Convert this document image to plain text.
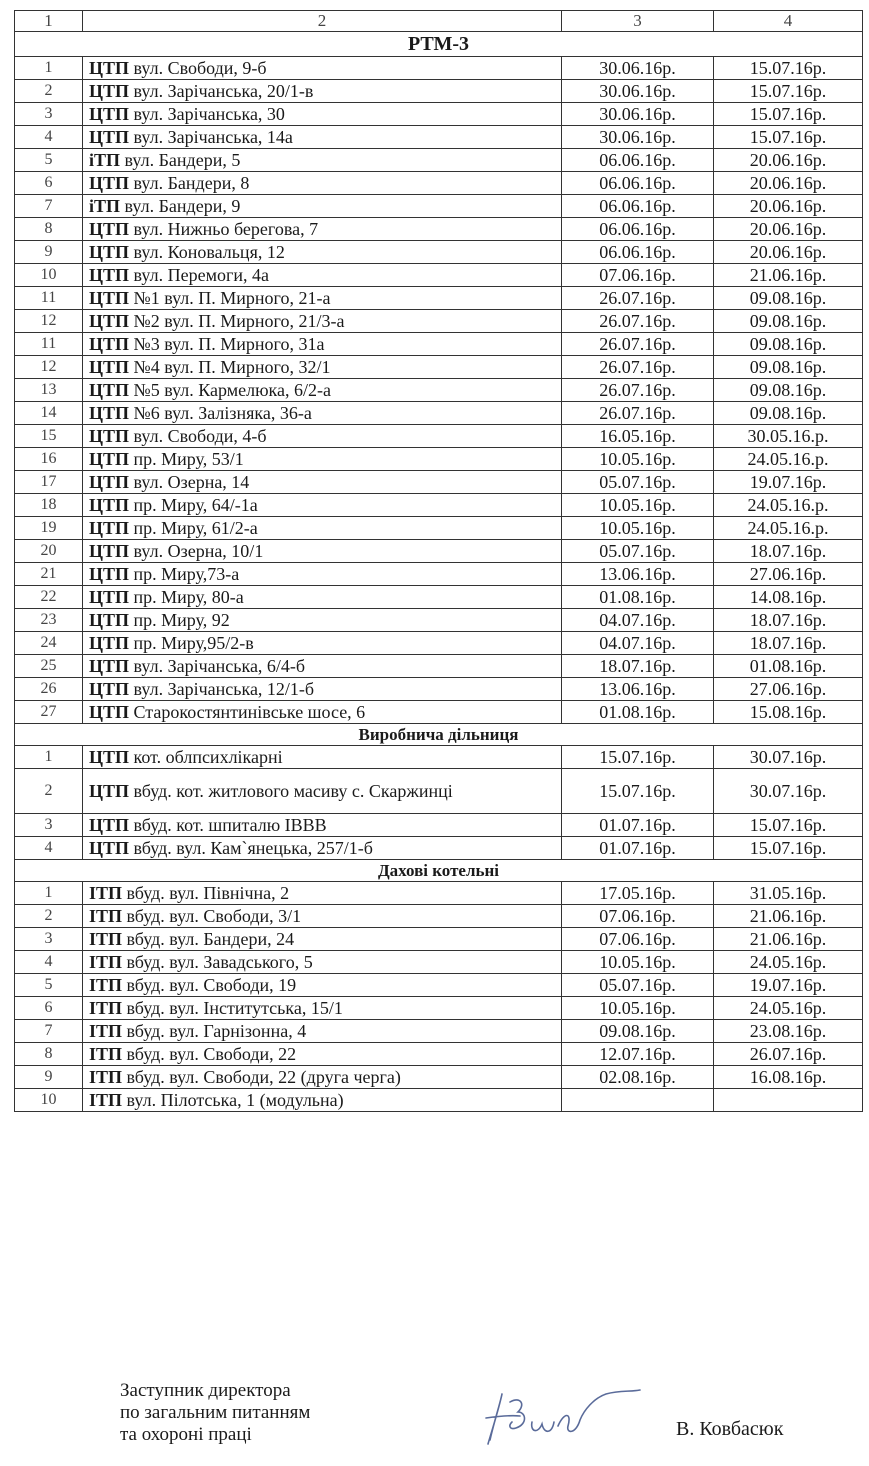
1	2	3	4
РТМ-3			
1	ЦТП вул. Свободи, 9-б	30.06.16р.	15.07.16р.
2	ЦТП вул. Зарічанська, 20/1-в	30.06.16р.	15.07.16р.
3	ЦТП вул. Зарічанська, 30	30.06.16р.	15.07.16р.
4	ЦТП вул. Зарічанська, 14а	30.06.16р.	15.07.16р.
5	іТП вул. Бандери, 5	06.06.16р.	20.06.16р.
6	ЦТП вул. Бандери, 8	06.06.16р.	20.06.16р.
7	іТП вул. Бандери, 9	06.06.16р.	20.06.16р.
8	ЦТП вул. Нижньо берегова, 7	06.06.16р.	20.06.16р.
9	ЦТП вул. Коновальця, 12	06.06.16р.	20.06.16р.
10	ЦТП вул. Перемоги, 4а	07.06.16р.	21.06.16р.
11	ЦТП №1 вул. П. Мирного, 21-а	26.07.16р.	09.08.16р.
12	ЦТП №2 вул. П. Мирного, 21/3-а	26.07.16р.	09.08.16р.
11	ЦТП №3 вул. П. Мирного, 31а	26.07.16р.	09.08.16р.
12	ЦТП №4 вул. П. Мирного, 32/1	26.07.16р.	09.08.16р.
13	ЦТП №5 вул. Кармелюка, 6/2-а	26.07.16р.	09.08.16р.
14	ЦТП №6 вул. Залізняка, 36-а	26.07.16р.	09.08.16р.
15	ЦТП вул. Свободи, 4-б	16.05.16р.	30.05.16.р.
16	ЦТП пр. Миру, 53/1	10.05.16р.	24.05.16.р.
17	ЦТП вул. Озерна, 14	05.07.16р.	19.07.16р.
18	ЦТП пр. Миру, 64/-1а	10.05.16р.	24.05.16.р.
19	ЦТП пр. Миру, 61/2-а	10.05.16р.	24.05.16.р.
20	ЦТП вул. Озерна, 10/1	05.07.16р.	18.07.16р.
21	ЦТП пр. Миру,73-а	13.06.16р.	27.06.16р.
22	ЦТП пр. Миру, 80-а	01.08.16р.	14.08.16р.
23	ЦТП пр. Миру, 92	04.07.16р.	18.07.16р.
24	ЦТП пр. Миру,95/2-в	04.07.16р.	18.07.16р.
25	ЦТП вул. Зарічанська, 6/4-б	18.07.16р.	01.08.16р.
26	ЦТП вул. Зарічанська, 12/1-б	13.06.16р.	27.06.16р.
27	ЦТП Старокостянтинівське шосе, 6	01.08.16р.	15.08.16р.
Виробнича дільниця			
1	ЦТП кот. облпсихлікарні	15.07.16р.	30.07.16р.
2	ЦТП вбуд. кот. житлового масиву с. Скаржинці	15.07.16р.	30.07.16р.
3	ЦТП вбуд. кот. шпиталю ІВВВ	01.07.16р.	15.07.16р.
4	ЦТП вбуд. вул. Кам`янецька, 257/1-б	01.07.16р.	15.07.16р.
Дахові котельні			
1	ІТП вбуд. вул. Північна, 2	17.05.16р.	31.05.16р.
2	ІТП вбуд. вул. Свободи, 3/1	07.06.16р.	21.06.16р.
3	ІТП вбуд. вул. Бандери, 24	07.06.16р.	21.06.16р.
4	ІТП вбуд. вул. Завадського, 5	10.05.16р.	24.05.16р.
5	ІТП вбуд. вул. Свободи, 19	05.07.16р.	19.07.16р.
6	ІТП вбуд. вул. Інститутська, 15/1	10.05.16р.	24.05.16р.
7	ІТП вбуд. вул. Гарнізонна, 4	09.08.16р.	23.08.16р.
8	ІТП вбуд. вул. Свободи, 22	12.07.16р.	26.07.16р.
9	ІТП вбуд. вул. Свободи, 22 (друга черга)	02.08.16р.	16.08.16р.
10	ІТП вул. Пілотська, 1 (модульна)		
Заступник директора
по загальним питанням
та охороні праці	В. Ковбасюк
